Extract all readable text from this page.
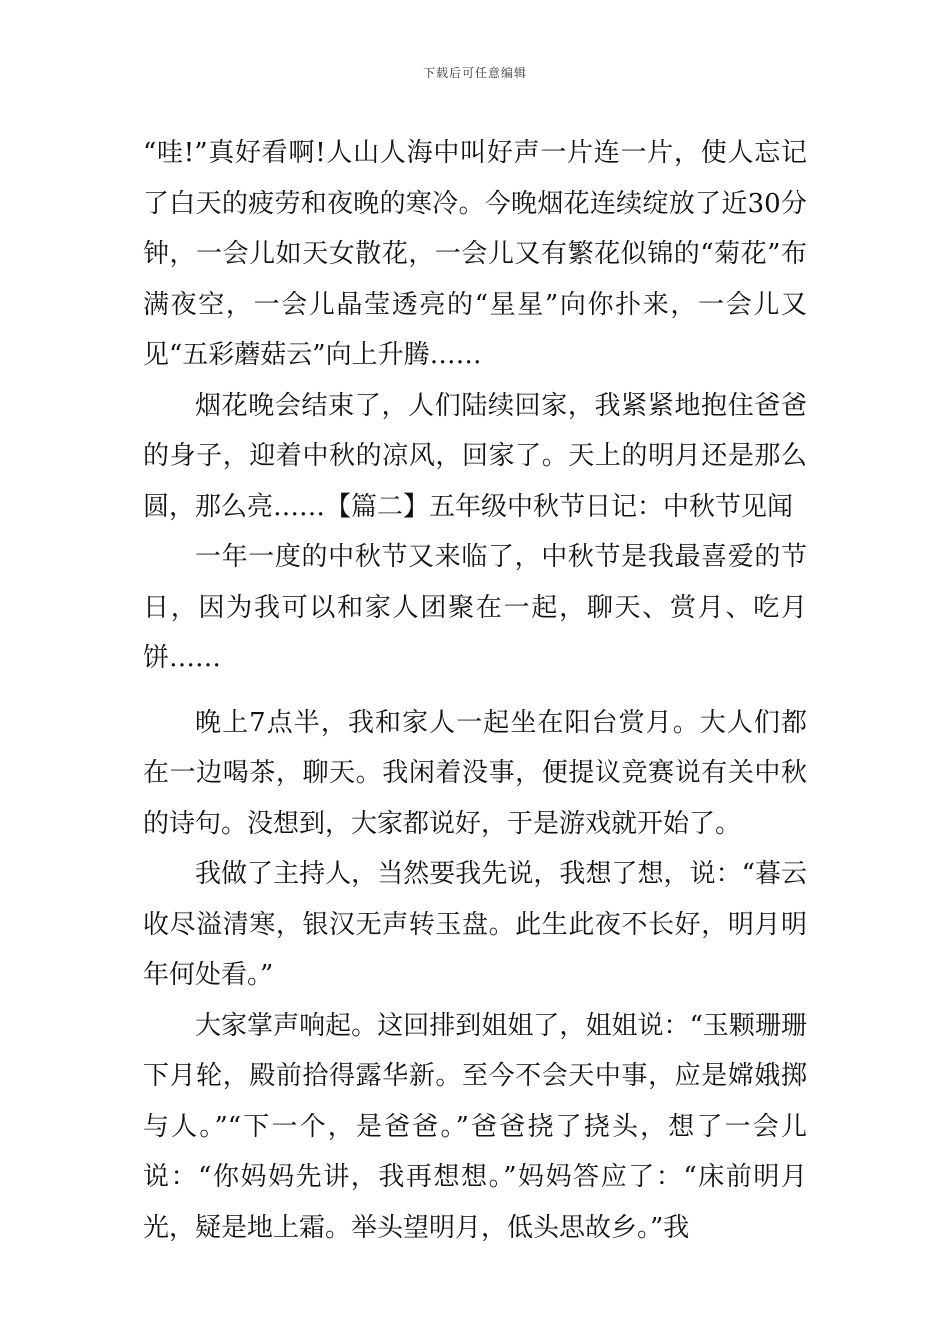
下载后可任意编辑

“哇!”真好看啊!人山人海中叫好声一片连一片，使人忘记了白天的疲劳和夜晚的寒冷。今晚烟花连续绽放了近30分钟，一会儿如天女散花，一会儿又有繁花似锦的“菊花”布满夜空，一会儿晶莹透亮的“星星”向你扑来，一会儿又见“五彩蘑菇云”向上升腾……

烟花晚会结束了，人们陆续回家，我紧紧地抱住爸爸的身子，迎着中秋的凉风，回家了。天上的明月还是那么圆，那么亮……【篇二】五年级中秋节日记：中秋节见闻

一年一度的中秋节又来临了，中秋节是我最喜爱的节日，因为我可以和家人团聚在一起，聊天、赏月、吃月饼……

晚上7点半，我和家人一起坐在阳台赏月。大人们都在一边喝茶，聊天。我闲着没事，便提议竞赛说有关中秋的诗句。没想到，大家都说好，于是游戏就开始了。

我做了主持人，当然要我先说，我想了想，说：“暮云收尽溢清寒，银汉无声转玉盘。此生此夜不长好，明月明年何处看。”

大家掌声响起。这回排到姐姐了，姐姐说：“玉颗珊珊下月轮，殿前拾得露华新。至今不会天中事，应是嫦娥掷与人。”“下一个，是爸爸。”爸爸挠了挠头，想了一会儿说：“你妈妈先讲，我再想想。”妈妈答应了：“床前明月光，疑是地上霜。举头望明月，低头思故乡。”我
